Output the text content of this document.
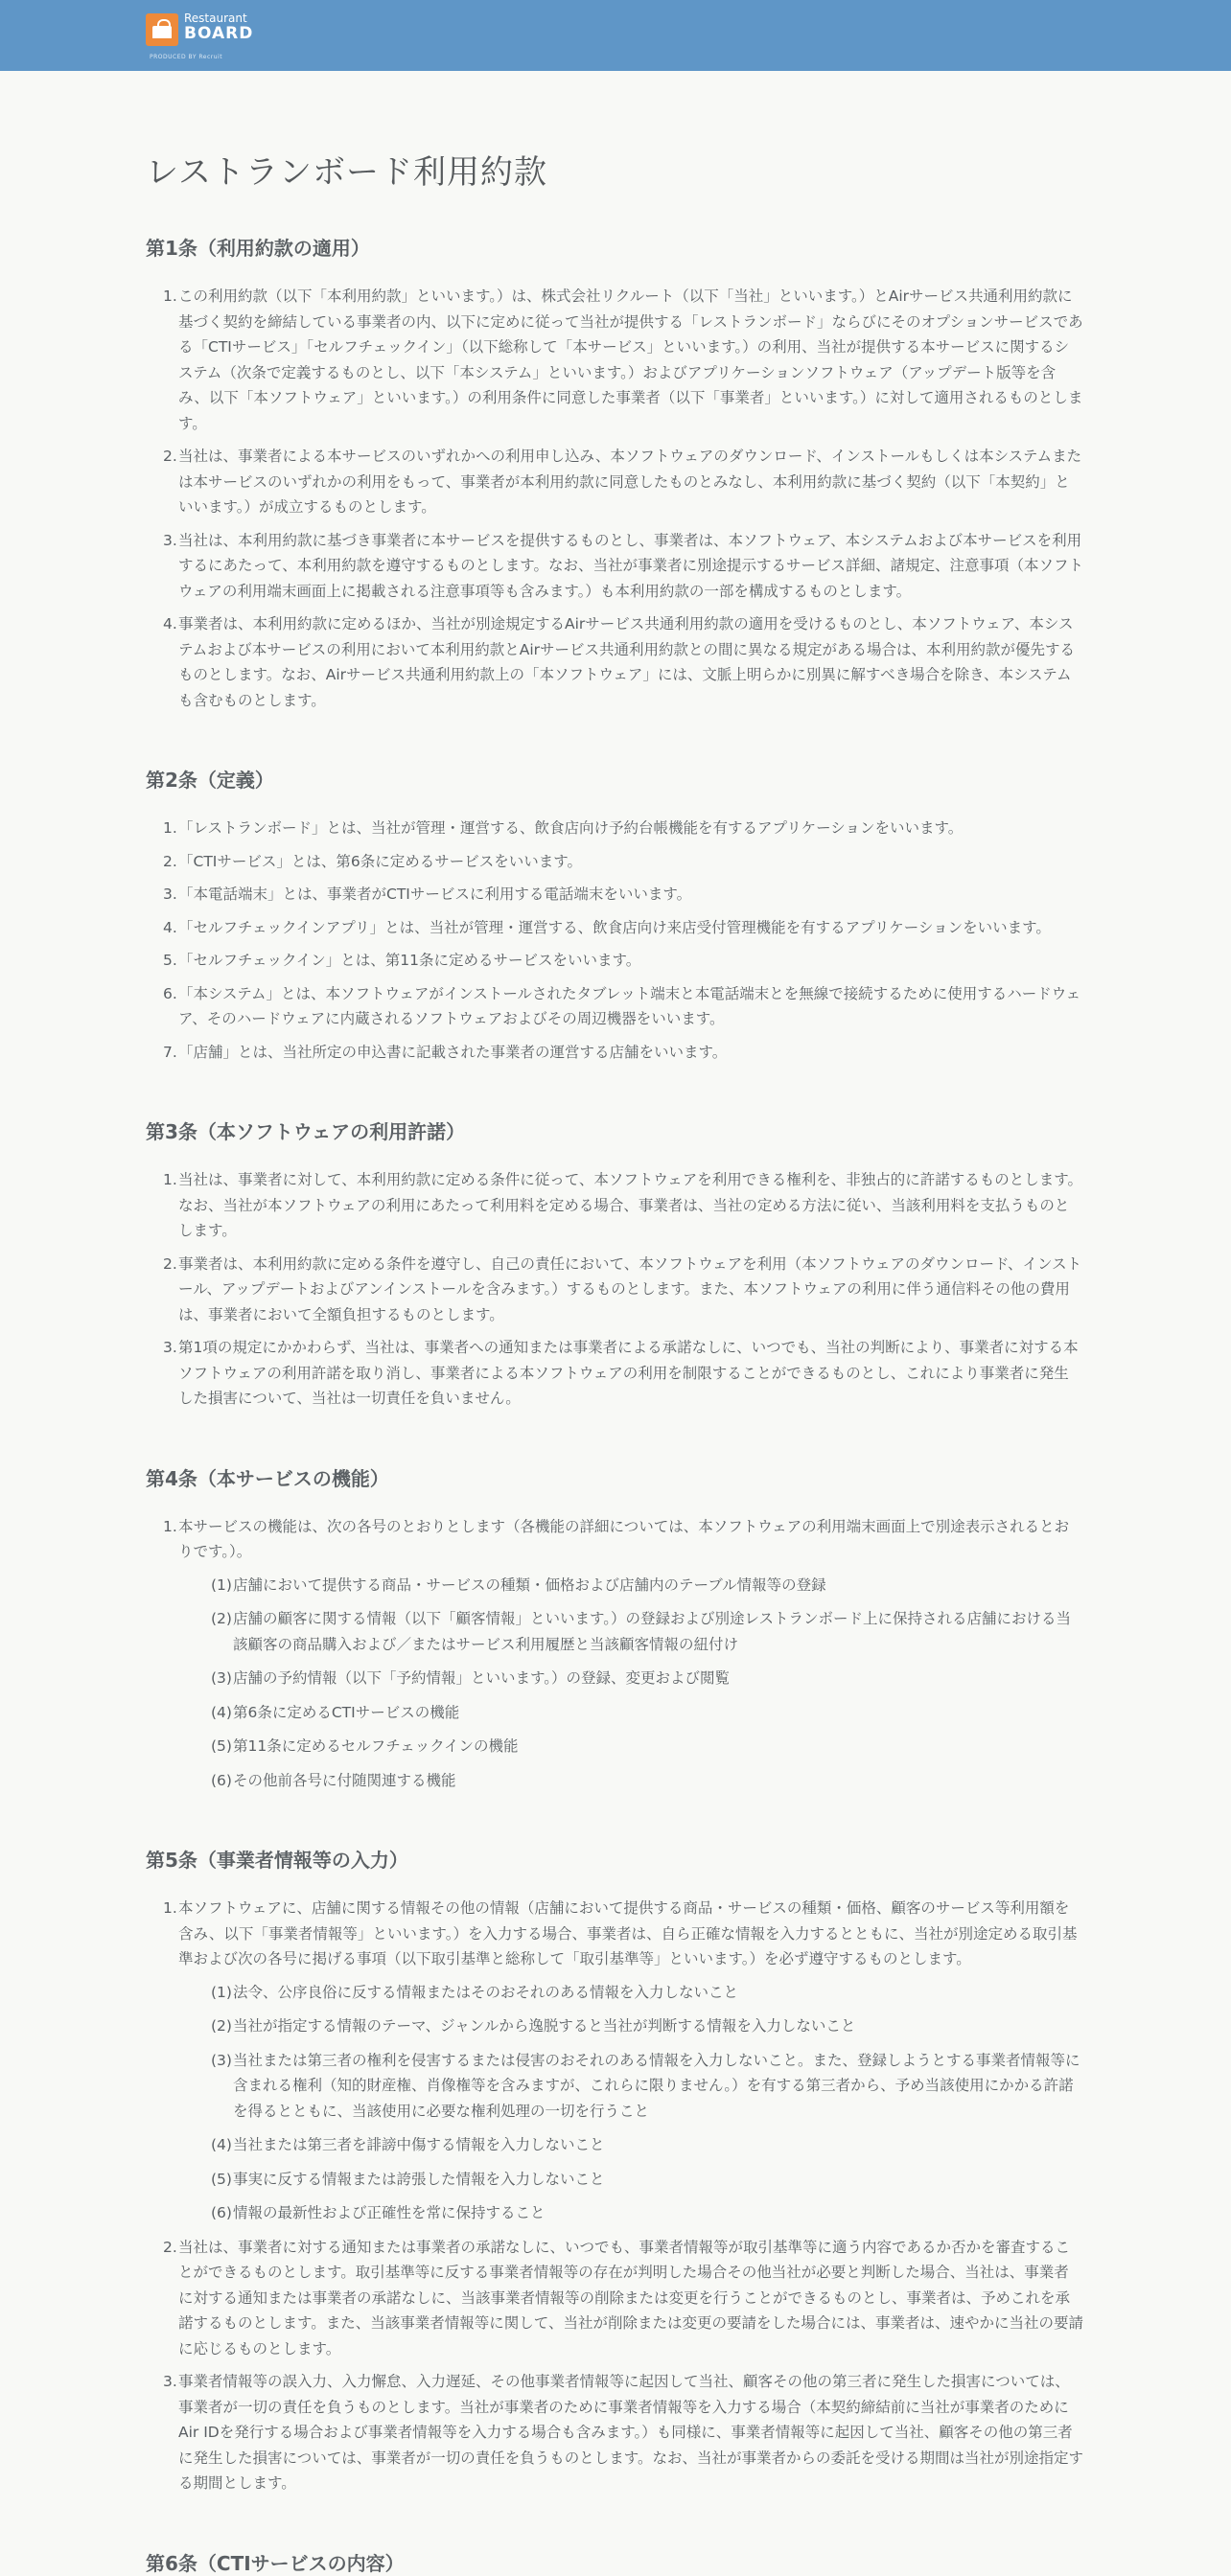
Restaurant
BOARD
PRODUCED BY Recruit
レストランボード利用約款
第1条（利用約款の適用）
1. この利用約款（以下「本利用約款」といいます。）は、株式会社リクルート（以下「当社」といいます。）とAirサービス共通利用約款に基づく契約を締結している事業者の内、以下に定めに従って当社が提供する「レストランボード」ならびにそのオプションサービスである「CTIサービス」「セルフチェックイン」（以下総称して「本サービス」といいます。）の利用、当社が提供する本サービスに関するシステム（次条で定義するものとし、以下「本システム」といいます。）およびアプリケーションソフトウェア（アップデート版等を含み、以下「本ソフトウェア」といいます。）の利用条件に同意した事業者（以下「事業者」といいます。）に対して適用されるものとします。
2. 当社は、事業者による本サービスのいずれかへの利用申し込み、本ソフトウェアのダウンロード、インストールもしくは本システムまたは本サービスのいずれかの利用をもって、事業者が本利用約款に同意したものとみなし、本利用約款に基づく契約（以下「本契約」といいます。）が成立するものとします。
3. 当社は、本利用約款に基づき事業者に本サービスを提供するものとし、事業者は、本ソフトウェア、本システムおよび本サービスを利用するにあたって、本利用約款を遵守するものとします。なお、当社が事業者に別途提示するサービス詳細、諸規定、注意事項（本ソフトウェアの利用端末画面上に掲載される注意事項等も含みます。）も本利用約款の一部を構成するものとします。
4. 事業者は、本利用約款に定めるほか、当社が別途規定するAirサービス共通利用約款の適用を受けるものとし、本ソフトウェア、本システムおよび本サービスの利用において本利用約款とAirサービス共通利用約款との間に異なる規定がある場合は、本利用約款が優先するものとします。なお、Airサービス共通利用約款上の「本ソフトウェア」には、文脈上明らかに別異に解すべき場合を除き、本システムも含むものとします。
第2条（定義）
1. 「レストランボード」とは、当社が管理・運営する、飲食店向け予約台帳機能を有するアプリケーションをいいます。
2. 「CTIサービス」とは、第6条に定めるサービスをいいます。
3. 「本電話端末」とは、事業者がCTIサービスに利用する電話端末をいいます。
4. 「セルフチェックインアプリ」とは、当社が管理・運営する、飲食店向け来店受付管理機能を有するアプリケーションをいいます。
5. 「セルフチェックイン」とは、第11条に定めるサービスをいいます。
6. 「本システム」とは、本ソフトウェアがインストールされたタブレット端末と本電話端末とを無線で接続するために使用するハードウェア、そのハードウェアに内蔵されるソフトウェアおよびその周辺機器をいいます。
7. 「店舗」とは、当社所定の申込書に記載された事業者の運営する店舗をいいます。
第3条（本ソフトウェアの利用許諾）
1. 当社は、事業者に対して、本利用約款に定める条件に従って、本ソフトウェアを利用できる権利を、非独占的に許諾するものとします。なお、当社が本ソフトウェアの利用にあたって利用料を定める場合、事業者は、当社の定める方法に従い、当該利用料を支払うものとします。
2. 事業者は、本利用約款に定める条件を遵守し、自己の責任において、本ソフトウェアを利用（本ソフトウェアのダウンロード、インストール、アップデートおよびアンインストールを含みます。）するものとします。また、本ソフトウェアの利用に伴う通信料その他の費用は、事業者において全額負担するものとします。
3. 第1項の規定にかかわらず、当社は、事業者への通知または事業者による承諾なしに、いつでも、当社の判断により、事業者に対する本ソフトウェアの利用許諾を取り消し、事業者による本ソフトウェアの利用を制限することができるものとし、これにより事業者に発生した損害について、当社は一切責任を負いません。
第4条（本サービスの機能）
1. 本サービスの機能は、次の各号のとおりとします（各機能の詳細については、本ソフトウェアの利用端末画面上で別途表示されるとおりです。）。
(1) 店舗において提供する商品・サービスの種類・価格および店舗内のテーブル情報等の登録
(2) 店舗の顧客に関する情報（以下「顧客情報」といいます。）の登録および別途レストランボード上に保持される店舗における当該顧客の商品購入および／またはサービス利用履歴と当該顧客情報の紐付け
(3) 店舗の予約情報（以下「予約情報」といいます。）の登録、変更および閲覧
(4) 第6条に定めるCTIサービスの機能
(5) 第11条に定めるセルフチェックインの機能
(6) その他前各号に付随関連する機能
第5条（事業者情報等の入力）
1. 本ソフトウェアに、店舗に関する情報その他の情報（店舗において提供する商品・サービスの種類・価格、顧客のサービス等利用額を含み、以下「事業者情報等」といいます。）を入力する場合、事業者は、自ら正確な情報を入力するとともに、当社が別途定める取引基準および次の各号に掲げる事項（以下取引基準と総称して「取引基準等」といいます。）を必ず遵守するものとします。
(1) 法令、公序良俗に反する情報またはそのおそれのある情報を入力しないこと
(2) 当社が指定する情報のテーマ、ジャンルから逸脱すると当社が判断する情報を入力しないこと
(3) 当社または第三者の権利を侵害するまたは侵害のおそれのある情報を入力しないこと。また、登録しようとする事業者情報等に含まれる権利（知的財産権、肖像権等を含みますが、これらに限りません。）を有する第三者から、予め当該使用にかかる許諾を得るとともに、当該使用に必要な権利処理の一切を行うこと
(4) 当社または第三者を誹謗中傷する情報を入力しないこと
(5) 事実に反する情報または誇張した情報を入力しないこと
(6) 情報の最新性および正確性を常に保持すること
2. 当社は、事業者に対する通知または事業者の承諾なしに、いつでも、事業者情報等が取引基準等に適う内容であるか否かを審査することができるものとします。取引基準等に反する事業者情報等の存在が判明した場合その他当社が必要と判断した場合、当社は、事業者に対する通知または事業者の承諾なしに、当該事業者情報等の削除または変更を行うことができるものとし、事業者は、予めこれを承諾するものとします。また、当該事業者情報等に関して、当社が削除または変更の要請をした場合には、事業者は、速やかに当社の要請に応じるものとします。
3. 事業者情報等の誤入力、入力懈怠、入力遅延、その他事業者情報等に起因して当社、顧客その他の第三者に発生した損害については、事業者が一切の責任を負うものとします。当社が事業者のために事業者情報等を入力する場合（本契約締結前に当社が事業者のためにAir IDを発行する場合および事業者情報等を入力する場合も含みます。）も同様に、事業者情報等に起因して当社、顧客その他の第三者に発生した損害については、事業者が一切の責任を負うものとします。なお、当社が事業者からの委託を受ける期間は当社が別途指定する期間とします。
第6条（CTIサービスの内容）
